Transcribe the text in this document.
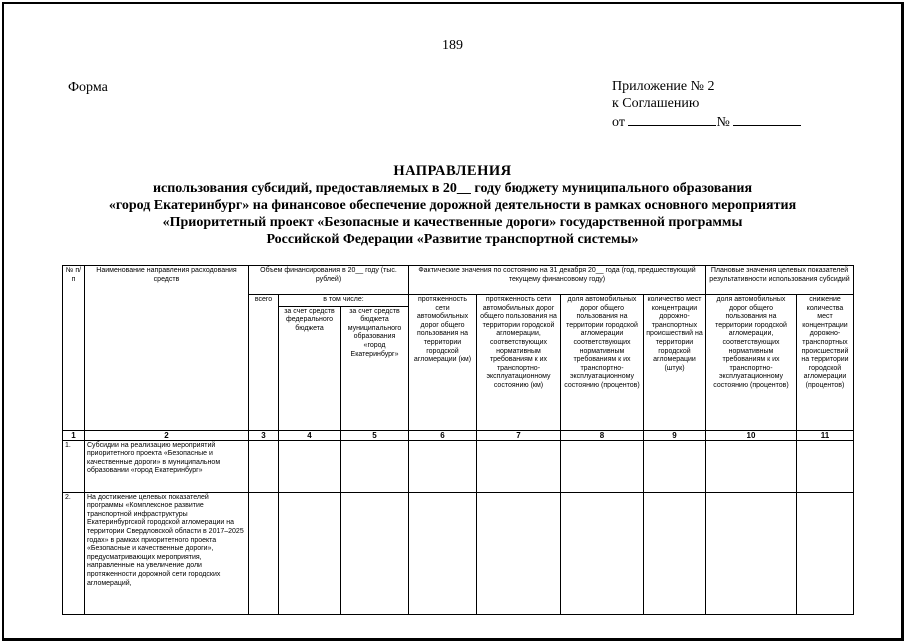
189
Форма	Приложение № 2
к Соглашению
от	№
НАПРАВЛЕНИЯ
использования субсидий, предоставляемых в 20__ году бюджету муниципального образования
«город Екатеринбург» на финансовое обеспечение дорожной деятельности в рамках основного мероприятия
«Приоритетный проект «Безопасные и качественные дороги» государственной программы
Российской Федерации «Развитие транспортной системы»
№ п/п	Наименование направления расходования средств	Объем финансирования в 20__ году (тыс. рублей)			Фактические значения по состоянию на 31 декабря 20__ года (год, предшествующий текущему финансовому году)				Плановые значения целевых показателей результативности использования субсидий	
		всего	в том числе:		протяженность сети автомобильных дорог общего пользования на территории городской агломерации (км)	протяженность сети автомобильных дорог общего пользования на территории городской агломерации, соответствующих нормативным требованиям к их транспортно-эксплуатационному состоянию (км)	доля автомобильных дорог общего пользования на территории городской агломерации соответствующих нормативным требованиям к их транспортно-эксплуатационному состоянию (процентов)	количество мест концентрации дорожно-транспортных происшествий на территории городской агломерации (штук)	доля автомобильных дорог общего пользования на территории городской агломерации, соответствующих нормативным требованиям к их транспортно-эксплуатационному состоянию (процентов)	снижение количества мест концентрации дорожно-транспортных происшествий на территории городской агломерации (процентов)
			за счет средств федерального бюджета	за счет средств бюджета муниципального образования «город Екатеринбург»						
1	2	3	4	5	6	7	8	9	10	11
1.	Субсидии на реализацию мероприятий приоритетного проекта «Безопасные и качественные дороги» в муниципальном образовании «город Екатеринбург»									
2.	На достижение целевых показателей программы «Комплексное развитие транспортной инфраструктуры Екатеринбургской городской агломерации на территории Свердловской области в 2017–2025 годах» в рамках приоритетного проекта «Безопасные и качественные дороги», предусматривающих мероприятия, направленные на увеличение доли протяженности дорожной сети городских агломераций,									
